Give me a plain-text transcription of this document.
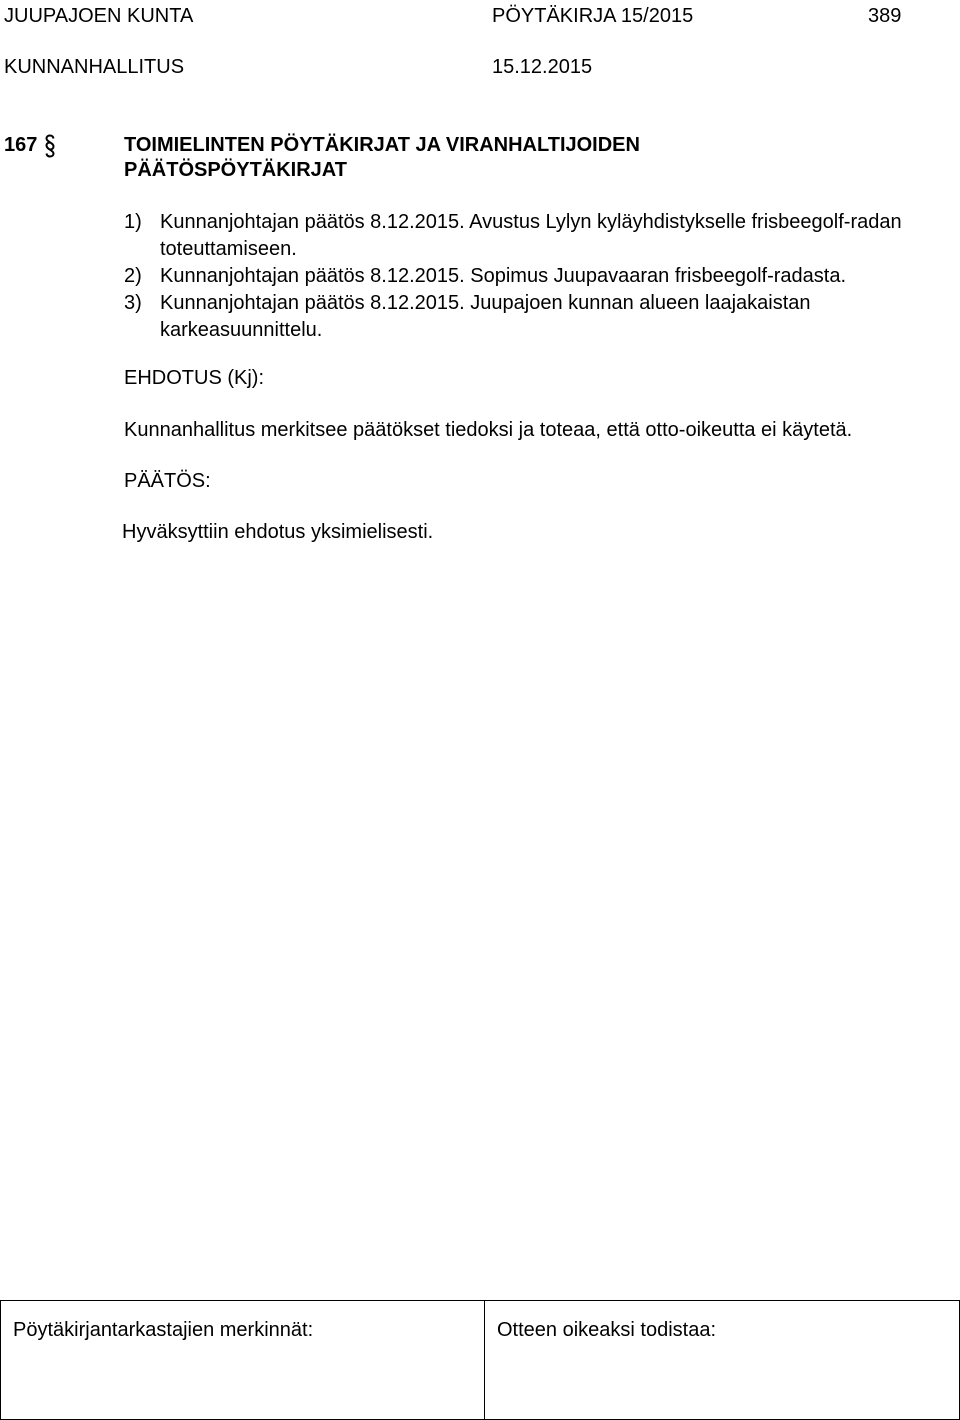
JUUPAJOEN KUNTA	PÖYTÄKIRJA 15/2015	389
KUNNANHALLITUS	15.12.2015
167	TOIMIELINTEN PÖYTÄKIRJAT JA VIRANHALTIJOIDEN
PÄÄTÖSPÖYTÄKIRJAT
1) Kunnanjohtajan päätös 8.12.2015. Avustus Lylyn kyläyhdistykselle frisbeegolf-radan toteuttamiseen.
2) Kunnanjohtajan päätös 8.12.2015. Sopimus Juupavaaran frisbeegolf-radasta.
3) Kunnanjohtajan päätös 8.12.2015. Juupajoen kunnan alueen laajakaistan karkeasuunnittelu.
EHDOTUS (Kj):
Kunnanhallitus merkitsee päätökset tiedoksi ja toteaa, että otto-oikeutta ei käytetä.
PÄÄTÖS:
Hyväksyttiin ehdotus yksimielisesti.
Pöytäkirjantarkastajien merkinnät:	Otteen oikeaksi todistaa:
